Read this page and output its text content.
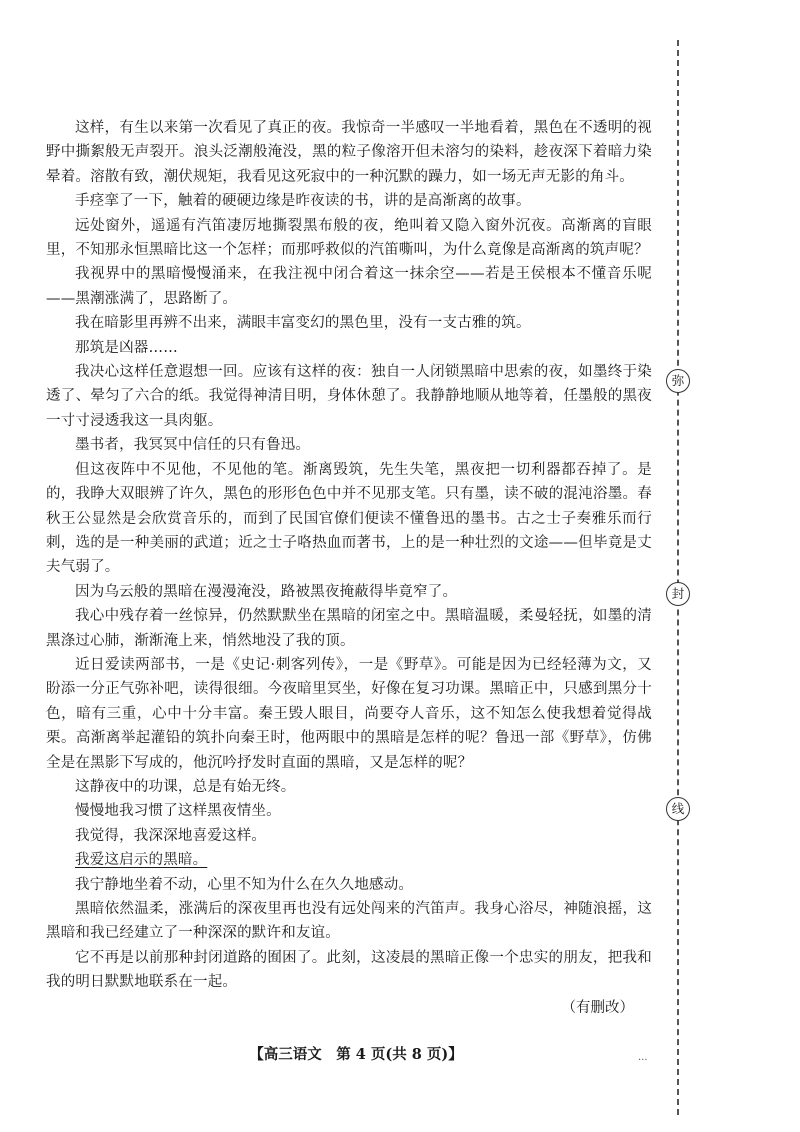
弥
封
线

这样，有生以来第一次看见了真正的夜。我惊奇一半感叹一半地看着，黑色在不透明的视野中撕絮般无声裂开。浪头泛潮般淹没，黑的粒子像溶开但未溶匀的染料，趁夜深下着暗力染晕着。溶散有致，潮伏规矩，我看见这死寂中的一种沉默的躁力，如一场无声无影的角斗。

手痉挛了一下，触着的硬硬边缘是昨夜读的书，讲的是高渐离的故事。

远处窗外，遥遥有汽笛凄厉地撕裂黑布般的夜，绝叫着又隐入窗外沉夜。高渐离的盲眼里，不知那永恒黑暗比这一个怎样；而那呼救似的汽笛嘶叫，为什么竟像是高渐离的筑声呢？

我视界中的黑暗慢慢涌来，在我注视中闭合着这一抹余空——若是王侯根本不懂音乐呢——黑潮涨满了，思路断了。

我在暗影里再辨不出来，满眼丰富变幻的黑色里，没有一支古雅的筑。

那筑是凶器……

我决心这样任意遐想一回。应该有这样的夜：独自一人闭锁黑暗中思索的夜，如墨终于染透了、晕匀了六合的纸。我觉得神清目明，身体休憩了。我静静地顺从地等着，任墨般的黑夜一寸寸浸透我这一具肉躯。

墨书者，我冥冥中信任的只有鲁迅。

但这夜阵中不见他，不见他的笔。渐离毁筑，先生失笔，黑夜把一切利器都吞掉了。是的，我睁大双眼辨了许久，黑色的形形色色中并不见那支笔。只有墨，读不破的混沌浴墨。春秋王公显然是会欣赏音乐的，而到了民国官僚们便读不懂鲁迅的墨书。古之士子奏雅乐而行刺，选的是一种美丽的武道；近之士子咯热血而著书，上的是一种壮烈的文途——但毕竟是丈夫气弱了。

因为乌云般的黑暗在漫漫淹没，路被黑夜掩蔽得毕竟窄了。

我心中残存着一丝惊异，仍然默默坐在黑暗的闭室之中。黑暗温暖，柔曼轻抚，如墨的清黑涤过心肺，渐渐淹上来，悄然地没了我的顶。

近日爱读两部书，一是《史记·刺客列传》，一是《野草》。可能是因为已经轻薄为文，又盼添一分正气弥补吧，读得很细。今夜暗里冥坐，好像在复习功课。黑暗正中，只感到黑分十色，暗有三重，心中十分丰富。秦王毁人眼目，尚要夺人音乐，这不知怎么使我想着觉得战栗。高渐离举起灌铅的筑扑向秦王时，他两眼中的黑暗是怎样的呢？鲁迅一部《野草》，仿佛全是在黑影下写成的，他沉吟抒发时直面的黑暗，又是怎样的呢？

这静夜中的功课，总是有始无终。

慢慢地我习惯了这样黑夜情坐。

我觉得，我深深地喜爱这样。

我爱这启示的黑暗。

我宁静地坐着不动，心里不知为什么在久久地感动。

黑暗依然温柔，涨满后的深夜里再也没有远处闯来的汽笛声。我身心浴尽，神随浪摇，这黑暗和我已经建立了一种深深的默许和友谊。

它不再是以前那种封闭道路的囿困了。此刻，这凌晨的黑暗正像一个忠实的朋友，把我和我的明日默默地联系在一起。

（有删改）
【高三语文　第 4 页(共 8 页)】	...
